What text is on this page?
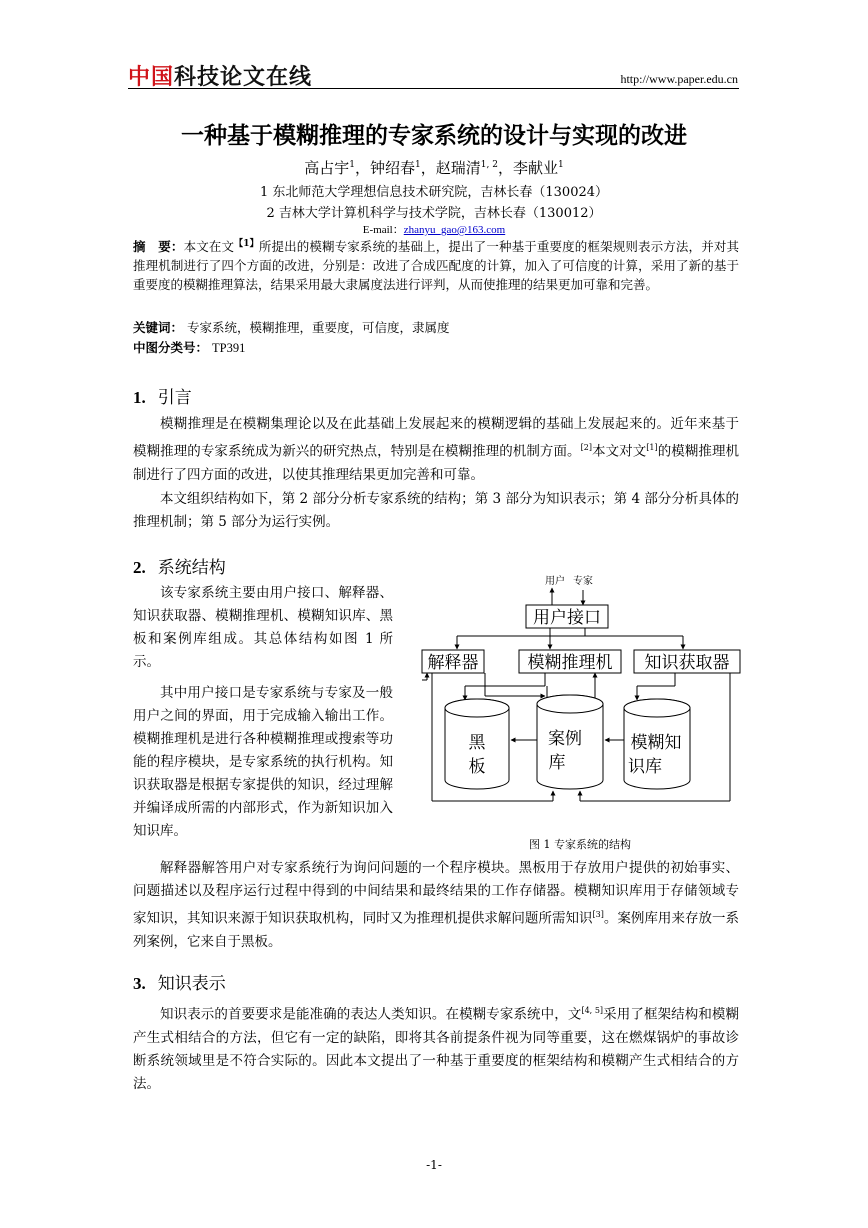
中国科技论文在线	http://www.paper.edu.cn
一种基于模糊推理的专家系统的设计与实现的改进
高占宇$^1$，钟绍春$^1$，赵瑞清$^{1, 2}$，李献业$^1$
1 东北师范大学理想信息技术研究院，吉林长春（130024）
2 吉林大学计算机科学与技术学院，吉林长春（130012）
E-mail：zhanyu_gao@163.com
摘　要：本文在文$^{【1】}$所提出的模糊专家系统的基础上，提出了一种基于重要度的框架规则表示方法，并对其推理机制进行了四个方面的改进，分别是：改进了合成匹配度的计算，加入了可信度的计算，采用了新的基于重要度的模糊推理算法，结果采用最大隶属度法进行评判，从而使推理的结果更加可靠和完善。
关键词： 专家系统，模糊推理，重要度，可信度，隶属度
中图分类号： TP391
1. 引言
模糊推理是在模糊集理论以及在此基础上发展起来的模糊逻辑的基础上发展起来的。近年来基于模糊推理的专家系统成为新兴的研究热点，特别是在模糊推理的机制方面。[2]本文对文[1]的模糊推理机制进行了四方面的改进，以使其推理结果更加完善和可靠。
本文组织结构如下，第 2 部分分析专家系统的结构；第 3 部分为知识表示；第 4 部分分析具体的推理机制；第 5 部分为运行实例。
2. 系统结构
该专家系统主要由用户接口、解释器、知识获取器、模糊推理机、模糊知识库、黑板和案例库组成。其总体结构如图 1 所示。
其中用户接口是专家系统与专家及一般用户之间的界面，用于完成输入输出工作。模糊推理机是进行各种模糊推理或搜索等功能的程序模块，是专家系统的执行机构。知识获取器是根据专家提供的知识，经过理解并编译成所需的内部形式，作为新知识加入知识库。
用户 专家
用户接口
解释器	模糊推理机 知识获取器
黑
板
案例
库
模糊知
识库
图 1 专家系统的结构
解释器解答用户对专家系统行为询问问题的一个程序模块。黑板用于存放用户提供的初始事实、问题描述以及程序运行过程中得到的中间结果和最终结果的工作存储器。模糊知识库用于存储领域专家知识，其知识来源于知识获取机构，同时又为推理机提供求解问题所需知识[3]。案例库用来存放一系列案例，它来自于黑板。
3. 知识表示
知识表示的首要要求是能准确的表达人类知识。在模糊专家系统中，文[4, 5]采用了框架结构和模糊产生式相结合的方法，但它有一定的缺陷，即将其各前提条件视为同等重要，这在燃煤锅炉的事故诊断系统领域里是不符合实际的。因此本文提出了一种基于重要度的框架结构和模糊产生式相结合的方法。
-1-
